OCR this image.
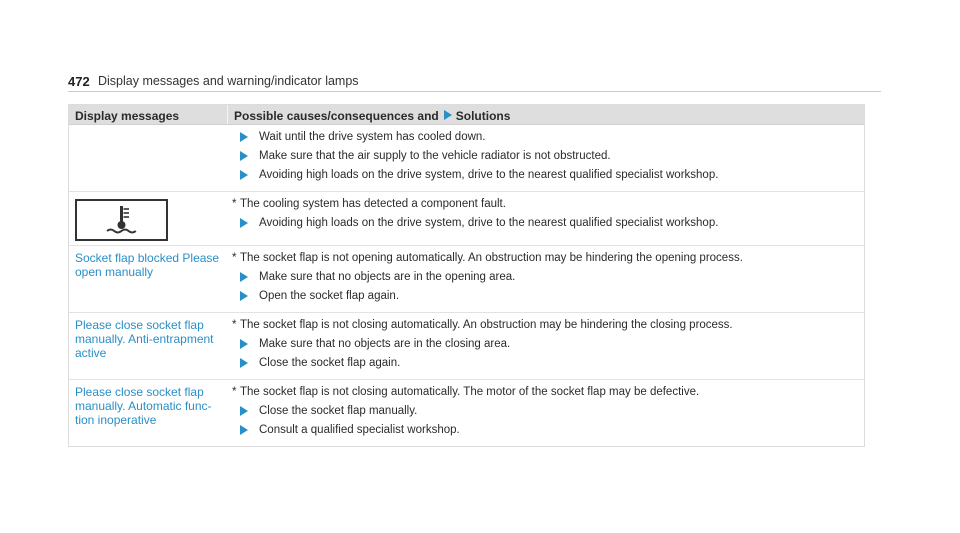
472 Display messages and warning/indicator lamps
Display messages	Possible causes/consequences and Solutions
Wait until the drive system has cooled down.
Make sure that the air supply to the vehicle radiator is not obstructed.
Avoiding high loads on the drive system, drive to the nearest qualified specialist workshop.
* The cooling system has detected a component fault.
Avoiding high loads on the drive system, drive to the nearest qualified specialist workshop.
Socket flap blocked Please open manually
* The socket flap is not opening automatically. An obstruction may be hindering the opening process.
Make sure that no objects are in the opening area.
Open the socket flap again.
Please close socket flap manually. Anti-entrapment active
* The socket flap is not closing automatically. An obstruction may be hindering the closing process.
Make sure that no objects are in the closing area.
Close the socket flap again.
Please close socket flap manually. Automatic func-tion inoperative
* The socket flap is not closing automatically. The motor of the socket flap may be defective.
Close the socket flap manually.
Consult a qualified specialist workshop.
